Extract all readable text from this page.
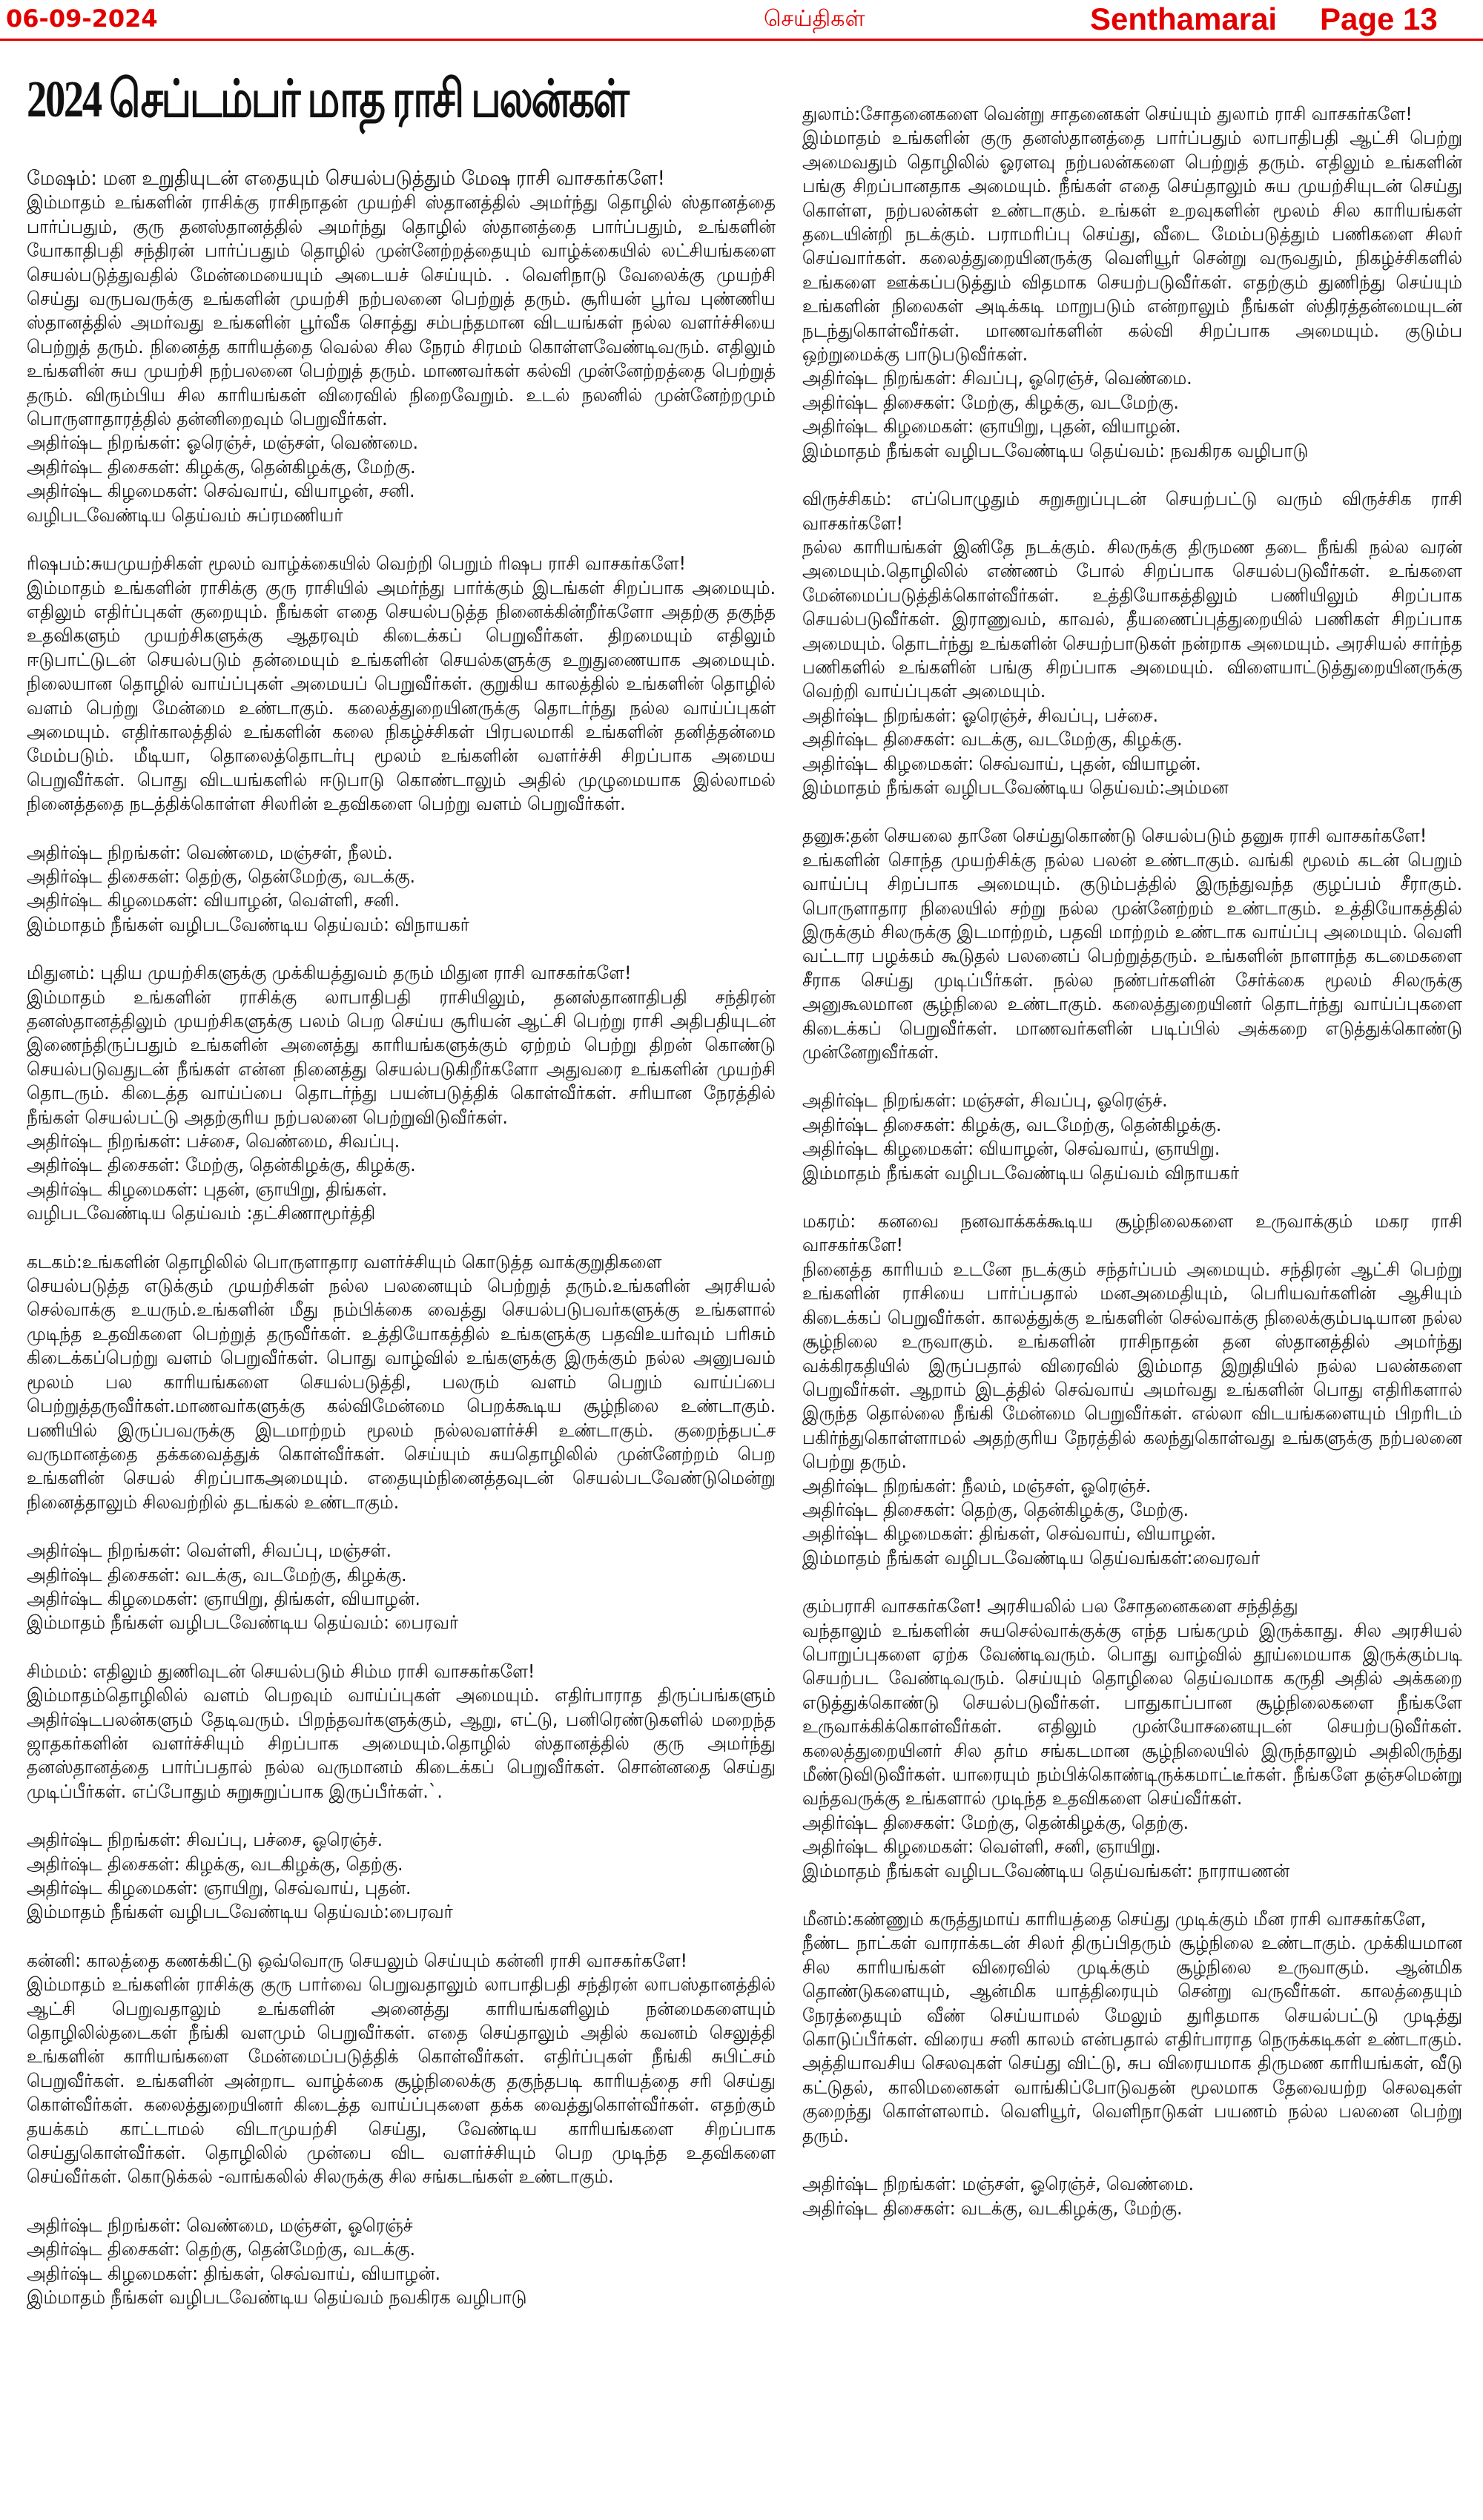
06-09-2024	செய்திகள்	Senthamarai Page 13
2024 செப்டம்பர் மாத ராசி பலன்கள்

மேஷம்: மன உறுதியுடன் எதையும் செயல்படுத்தும் மேஷ ராசி வாசகர்களே!

இம்மாதம் உங்களின் ராசிக்கு ராசிநாதன் முயற்சி ஸ்தானத்தில் அமர்ந்து தொழில் ஸ்தானத்தை பார்ப்பதும், குரு தனஸ்தானத்தில் அமர்ந்து தொழில் ஸ்தானத்தை பார்ப்பதும், உங்களின் யோகாதிபதி சந்திரன் பார்ப்பதும் தொழில் முன்னேற்றத்தையும் வாழ்க்கையில் லட்சியங்களை செயல்படுத்துவதில் மேன்மையையும் அடையச் செய்யும். . வெளிநாடு வேலைக்கு முயற்சி செய்து வருபவருக்கு உங்களின் முயற்சி நற்பலனை பெற்றுத் தரும். சூரியன் பூர்வ புண்ணிய ஸ்தானத்தில் அமர்வது உங்களின் பூர்வீக சொத்து சம்பந்தமான விடயங்கள் நல்ல வளர்ச்சியை பெற்றுத் தரும். நினைத்த காரியத்தை வெல்ல சில நேரம் சிரமம் கொள்ளவேண்டிவரும். எதிலும் உங்களின் சுய முயற்சி நற்பலனை பெற்றுத் தரும். மாணவர்கள் கல்வி முன்னேற்றத்தை பெற்றுத் தரும். விரும்பிய சில காரியங்கள் விரைவில் நிறைவேறும். உடல் நலனில் முன்னேற்றமும் பொருளாதாரத்தில் தன்னிறைவும் பெறுவீர்கள்.

அதிர்ஷ்ட நிறங்கள்: ஓரெஞ்ச், மஞ்சள், வெண்மை.

அதிர்ஷ்ட திசைகள்: கிழக்கு, தென்கிழக்கு, மேற்கு.

அதிர்ஷ்ட கிழமைகள்: செவ்வாய், வியாழன், சனி.

வழிபடவேண்டிய தெய்வம் சுப்ரமணியர்

ரிஷபம்:சுயமுயற்சிகள் மூலம் வாழ்க்கையில் வெற்றி பெறும் ரிஷப ராசி வாசகர்களே!

இம்மாதம் உங்களின் ராசிக்கு குரு ராசியில் அமர்ந்து பார்க்கும் இடங்கள் சிறப்பாக அமையும். எதிலும் எதிர்ப்புகள் குறையும். நீங்கள் எதை செயல்படுத்த நினைக்கின்றீர்களோ அதற்கு தகுந்த உதவிகளும் முயற்சிகளுக்கு ஆதரவும் கிடைக்கப் பெறுவீர்கள். திறமையும் எதிலும் ஈடுபாட்டுடன் செயல்படும் தன்மையும் உங்களின் செயல்களுக்கு உறுதுணையாக அமையும். நிலையான தொழில் வாய்ப்புகள் அமையப் பெறுவீர்கள். குறுகிய காலத்தில் உங்களின் தொழில் வளம் பெற்று மேன்மை உண்டாகும். கலைத்துறையினருக்கு தொடர்ந்து நல்ல வாய்ப்புகள் அமையும். எதிர்காலத்தில் உங்களின் கலை நிகழ்ச்சிகள் பிரபலமாகி உங்களின் தனித்தன்மை மேம்படும். மீடியா, தொலைத்தொடர்பு மூலம் உங்களின் வளர்ச்சி சிறப்பாக அமைய பெறுவீர்கள். பொது விடயங்களில் ஈடுபாடு கொண்டாலும் அதில் முழுமையாக இல்லாமல் நினைத்ததை நடத்திக்கொள்ள சிலரின் உதவிகளை பெற்று வளம் பெறுவீர்கள்.

அதிர்ஷ்ட நிறங்கள்: வெண்மை, மஞ்சள், நீலம்.

அதிர்ஷ்ட திசைகள்: தெற்கு, தென்மேற்கு, வடக்கு.

அதிர்ஷ்ட கிழமைகள்: வியாழன், வெள்ளி, சனி.

இம்மாதம் நீங்கள் வழிபடவேண்டிய தெய்வம்: விநாயகர்

மிதுனம்: புதிய முயற்சிகளுக்கு முக்கியத்துவம் தரும் மிதுன ராசி வாசகர்களே!

இம்மாதம் உங்களின் ராசிக்கு லாபாதிபதி ராசியிலும், தனஸ்தானாதிபதி சந்திரன் தனஸ்தானத்திலும் முயற்சிகளுக்கு பலம் பெற செய்ய சூரியன் ஆட்சி பெற்று ராசி அதிபதியுடன் இணைந்திருப்பதும் உங்களின் அனைத்து காரியங்களுக்கும் ஏற்றம் பெற்று திறன் கொண்டு செயல்படுவதுடன் நீங்கள் என்ன நினைத்து செயல்படுகிறீர்களோ அதுவரை உங்களின் முயற்சி தொடரும். கிடைத்த வாய்ப்பை தொடர்ந்து பயன்படுத்திக் கொள்வீர்கள். சரியான நேரத்தில் நீங்கள் செயல்பட்டு அதற்குரிய நற்பலனை பெற்றுவிடுவீர்கள்.

அதிர்ஷ்ட நிறங்கள்: பச்சை, வெண்மை, சிவப்பு.

அதிர்ஷ்ட திசைகள்: மேற்கு, தென்கிழக்கு, கிழக்கு.

அதிர்ஷ்ட கிழமைகள்: புதன், ஞாயிறு, திங்கள்.

வழிபடவேண்டிய தெய்வம் :தட்சிணாமூர்த்தி

கடகம்:உங்களின் தொழிலில் பொருளாதார வளர்ச்சியும் கொடுத்த வாக்குறுதிகளை

செயல்படுத்த எடுக்கும் முயற்சிகள் நல்ல பலனையும் பெற்றுத் தரும்.உங்களின் அரசியல் செல்வாக்கு உயரும்.உங்களின் மீது நம்பிக்கை வைத்து செயல்படுபவர்களுக்கு உங்களால் முடிந்த உதவிகளை பெற்றுத் தருவீர்கள். உத்தியோகத்தில் உங்களுக்கு பதவிஉயர்வும் பரிசும் கிடைக்கப்பெற்று வளம் பெறுவீர்கள். பொது வாழ்வில் உங்களுக்கு இருக்கும் நல்ல அனுபவம் மூலம் பல காரியங்களை செயல்படுத்தி, பலரும் வளம் பெறும் வாய்ப்பை பெற்றுத்தருவீர்கள்.மாணவர்களுக்கு கல்விமேன்மை பெறக்கூடிய சூழ்நிலை உண்டாகும். பணியில் இருப்பவருக்கு இடமாற்றம் மூலம் நல்லவளர்ச்சி உண்டாகும். குறைந்தபட்ச வருமானத்தை தக்கவைத்துக் கொள்வீர்கள். செய்யும் சுயதொழிலில் முன்னேற்றம் பெற உங்களின் செயல் சிறப்பாகஅமையும். எதையும்நினைத்தவுடன் செயல்படவேண்டுமென்று நினைத்தாலும் சிலவற்றில் தடங்கல் உண்டாகும்.

அதிர்ஷ்ட நிறங்கள்: வெள்ளி, சிவப்பு, மஞ்சள்.

அதிர்ஷ்ட திசைகள்: வடக்கு, வடமேற்கு, கிழக்கு.

அதிர்ஷ்ட கிழமைகள்: ஞாயிறு, திங்கள், வியாழன்.

இம்மாதம் நீங்கள் வழிபடவேண்டிய தெய்வம்: பைரவர்

சிம்மம்: எதிலும் துணிவுடன் செயல்படும் சிம்ம ராசி வாசகர்களே!

இம்மாதம்தொழிலில் வளம் பெறவும் வாய்ப்புகள் அமையும். எதிர்பாராத திருப்பங்களும் அதிர்ஷ்டபலன்களும் தேடிவரும். பிறந்தவர்களுக்கும், ஆறு, எட்டு, பனிரெண்டுகளில் மறைந்த ஜாதகர்களின் வளர்ச்சியும் சிறப்பாக அமையும்.தொழில் ஸ்தானத்தில் குரு அமர்ந்து தனஸ்தானத்தை பார்ப்பதால் நல்ல வருமானம் கிடைக்கப் பெறுவீர்கள். சொன்னதை செய்து முடிப்பீர்கள். எப்போதும் சுறுசுறுப்பாக இருப்பீர்கள்.`.

அதிர்ஷ்ட நிறங்கள்: சிவப்பு, பச்சை, ஓரெஞ்ச்.

அதிர்ஷ்ட திசைகள்: கிழக்கு, வடகிழக்கு, தெற்கு.

அதிர்ஷ்ட கிழமைகள்: ஞாயிறு, செவ்வாய், புதன்.

இம்மாதம் நீங்கள் வழிபடவேண்டிய தெய்வம்:பைரவர்

கன்னி: காலத்தை கணக்கிட்டு ஒவ்வொரு செயலும் செய்யும் கன்னி ராசி வாசகர்களே!

இம்மாதம் உங்களின் ராசிக்கு குரு பார்வை பெறுவதாலும் லாபாதிபதி சந்திரன் லாபஸ்தானத்தில் ஆட்சி பெறுவதாலும் உங்களின் அனைத்து காரியங்களிலும் நன்மைகளையும் தொழிலில்தடைகள் நீங்கி வளமும் பெறுவீர்கள். எதை செய்தாலும் அதில் கவனம் செலுத்தி உங்களின் காரியங்களை மேன்மைப்படுத்திக் கொள்வீர்கள். எதிர்ப்புகள் நீங்கி சுபிட்சம் பெறுவீர்கள். உங்களின் அன்றாட வாழ்க்கை சூழ்நிலைக்கு தகுந்தபடி காரியத்தை சரி செய்து கொள்வீர்கள். கலைத்துறையினர் கிடைத்த வாய்ப்புகளை தக்க வைத்துகொள்வீர்கள். எதற்கும் தயக்கம் காட்டாமல் விடாமுயற்சி செய்து, வேண்டிய காரியங்களை சிறப்பாக செய்துகொள்வீர்கள். தொழிலில் முன்பை விட வளர்ச்சியும் பெற முடிந்த உதவிகளை செய்வீர்கள். கொடுக்கல் -வாங்கலில் சிலருக்கு சில சங்கடங்கள் உண்டாகும்.

அதிர்ஷ்ட நிறங்கள்: வெண்மை, மஞ்சள், ஓரெஞ்ச்

அதிர்ஷ்ட திசைகள்: தெற்கு, தென்மேற்கு, வடக்கு.

அதிர்ஷ்ட கிழமைகள்: திங்கள், செவ்வாய், வியாழன்.

இம்மாதம் நீங்கள் வழிபடவேண்டிய தெய்வம் நவகிரக வழிபாடு

துலாம்:சோதனைகளை வென்று சாதனைகள் செய்யும் துலாம் ராசி வாசகர்களே!

இம்மாதம் உங்களின் குரு தனஸ்தானத்தை பார்ப்பதும் லாபாதிபதி ஆட்சி பெற்று அமைவதும் தொழிலில் ஓரளவு நற்பலன்களை பெற்றுத் தரும். எதிலும் உங்களின் பங்கு சிறப்பானதாக அமையும். நீங்கள் எதை செய்தாலும் சுய முயற்சியுடன் செய்து கொள்ள, நற்பலன்கள் உண்டாகும். உங்கள் உறவுகளின் மூலம் சில காரியங்கள் தடையின்றி நடக்கும். பராமரிப்பு செய்து, வீடை மேம்படுத்தும் பணிகளை சிலர் செய்வார்கள். கலைத்துறையினருக்கு வெளியூர் சென்று வருவதும், நிகழ்ச்சிகளில் உங்களை ஊக்கப்படுத்தும் விதமாக செயற்படுவீர்கள். எதற்கும் துணிந்து செய்யும் உங்களின் நிலைகள் அடிக்கடி மாறுபடும் என்றாலும் நீங்கள் ஸ்திரத்தன்மையுடன் நடந்துகொள்வீர்கள். மாணவர்களின் கல்வி சிறப்பாக அமையும். குடும்ப ஒற்றுமைக்கு பாடுபடுவீர்கள்.

அதிர்ஷ்ட நிறங்கள்: சிவப்பு, ஓரெஞ்ச், வெண்மை.

அதிர்ஷ்ட திசைகள்: மேற்கு, கிழக்கு, வடமேற்கு.

அதிர்ஷ்ட கிழமைகள்: ஞாயிறு, புதன், வியாழன்.

இம்மாதம் நீங்கள் வழிபடவேண்டிய தெய்வம்: நவகிரக வழிபாடு

விருச்சிகம்: எப்பொழுதும் சுறுசுறுப்புடன் செயற்பட்டு வரும் விருச்சிக ராசி வாசகர்களே!

நல்ல காரியங்கள் இனிதே நடக்கும். சிலருக்கு திருமண தடை நீங்கி நல்ல வரன் அமையும்.தொழிலில் எண்ணம் போல் சிறப்பாக செயல்படுவீர்கள். உங்களை மேன்மைப்படுத்திக்கொள்வீர்கள். உத்தியோகத்திலும் பணியிலும் சிறப்பாக செயல்படுவீர்கள். இராணுவம், காவல், தீயணைப்புத்துறையில் பணிகள் சிறப்பாக அமையும். தொடர்ந்து உங்களின் செயற்பாடுகள் நன்றாக அமையும். அரசியல் சார்ந்த பணிகளில் உங்களின் பங்கு சிறப்பாக அமையும். விளையாட்டுத்துறையினருக்கு வெற்றி வாய்ப்புகள் அமையும்.

அதிர்ஷ்ட நிறங்கள்: ஓரெஞ்ச், சிவப்பு, பச்சை.

அதிர்ஷ்ட திசைகள்: வடக்கு, வடமேற்கு, கிழக்கு.

அதிர்ஷ்ட கிழமைகள்: செவ்வாய், புதன், வியாழன்.

இம்மாதம் நீங்கள் வழிபடவேண்டிய தெய்வம்:அம்மன

தனுசு:தன் செயலை தானே செய்துகொண்டு செயல்படும் தனுசு ராசி வாசகர்களே!

உங்களின் சொந்த முயற்சிக்கு நல்ல பலன் உண்டாகும். வங்கி மூலம் கடன் பெறும் வாய்ப்பு சிறப்பாக அமையும். குடும்பத்தில் இருந்துவந்த குழப்பம் சீராகும். பொருளாதார நிலையில் சற்று நல்ல முன்னேற்றம் உண்டாகும். உத்தியோகத்தில் இருக்கும் சிலருக்கு இடமாற்றம், பதவி மாற்றம் உண்டாக வாய்ப்பு அமையும். வெளி வட்டார பழக்கம் கூடுதல் பலனைப் பெற்றுத்தரும். உங்களின் நாளாந்த கடமைகளை சீராக செய்து முடிப்பீர்கள். நல்ல நண்பர்களின் சேர்க்கை மூலம் சிலருக்கு அனுகூலமான சூழ்நிலை உண்டாகும். கலைத்துறையினர் தொடர்ந்து வாய்ப்புகளை கிடைக்கப் பெறுவீர்கள். மாணவர்களின் படிப்பில் அக்கறை எடுத்துக்கொண்டு முன்னேறுவீர்கள்.

அதிர்ஷ்ட நிறங்கள்: மஞ்சள், சிவப்பு, ஓரெஞ்ச்.

அதிர்ஷ்ட திசைகள்: கிழக்கு, வடமேற்கு, தென்கிழக்கு.

அதிர்ஷ்ட கிழமைகள்: வியாழன், செவ்வாய், ஞாயிறு.

இம்மாதம் நீங்கள் வழிபடவேண்டிய தெய்வம் விநாயகர்

மகரம்: கனவை நனவாக்கக்கூடிய சூழ்நிலைகளை உருவாக்கும் மகர ராசி வாசகர்களே!

நினைத்த காரியம் உடனே நடக்கும் சந்தர்ப்பம் அமையும். சந்திரன் ஆட்சி பெற்று உங்களின் ராசியை பார்ப்பதால் மனஅமைதியும், பெரியவர்களின் ஆசியும் கிடைக்கப் பெறுவீர்கள். காலத்துக்கு உங்களின் செல்வாக்கு நிலைக்கும்படியான நல்ல சூழ்நிலை உருவாகும். உங்களின் ராசிநாதன் தன ஸ்தானத்தில் அமர்ந்து வக்கிரகதியில் இருப்பதால் விரைவில் இம்மாத இறுதியில் நல்ல பலன்களை பெறுவீர்கள். ஆறாம் இடத்தில் செவ்வாய் அமர்வது உங்களின் பொது எதிரிகளால் இருந்த தொல்லை நீங்கி மேன்மை பெறுவீர்கள். எல்லா விடயங்களையும் பிறரிடம் பகிர்ந்துகொள்ளாமல் அதற்குரிய நேரத்தில் கலந்துகொள்வது உங்களுக்கு நற்பலனை பெற்று தரும்.

அதிர்ஷ்ட நிறங்கள்: நீலம், மஞ்சள், ஓரெஞ்ச்.

அதிர்ஷ்ட திசைகள்: தெற்கு, தென்கிழக்கு, மேற்கு.

அதிர்ஷ்ட கிழமைகள்: திங்கள், செவ்வாய், வியாழன்.

இம்மாதம் நீங்கள் வழிபடவேண்டிய தெய்வங்கள்:வைரவர்

கும்பராசி வாசகர்களே! அரசியலில் பல சோதனைகளை சந்தித்து

வந்தாலும் உங்களின் சுயசெல்வாக்குக்கு எந்த பங்கமும் இருக்காது. சில அரசியல் பொறுப்புகளை ஏற்க வேண்டிவரும். பொது வாழ்வில் தூய்மையாக இருக்கும்படி செயற்பட வேண்டிவரும். செய்யும் தொழிலை தெய்வமாக கருதி அதில் அக்கறை எடுத்துக்கொண்டு செயல்படுவீர்கள். பாதுகாப்பான சூழ்நிலைகளை நீங்களே உருவாக்கிக்கொள்வீர்கள். எதிலும் முன்யோசனையுடன் செயற்படுவீர்கள். கலைத்துறையினர் சில தர்ம சங்கடமான சூழ்நிலையில் இருந்தாலும் அதிலிருந்து மீண்டுவிடுவீர்கள். யாரையும் நம்பிக்கொண்டிருக்கமாட்டீர்கள். நீங்களே தஞ்சமென்று வந்தவருக்கு உங்களால் முடிந்த உதவிகளை செய்வீர்கள்.

அதிர்ஷ்ட திசைகள்: மேற்கு, தென்கிழக்கு, தெற்கு.

அதிர்ஷ்ட கிழமைகள்: வெள்ளி, சனி, ஞாயிறு.

இம்மாதம் நீங்கள் வழிபடவேண்டிய தெய்வங்கள்: நாராயணன்

மீனம்:கண்ணும் கருத்துமாய் காரியத்தை செய்து முடிக்கும் மீன ராசி வாசகர்களே,

நீண்ட நாட்கள் வாராக்கடன் சிலர் திருப்பிதரும் சூழ்நிலை உண்டாகும். முக்கியமான சில காரியங்கள் விரைவில் முடிக்கும் சூழ்நிலை உருவாகும். ஆன்மிக தொண்டுகளையும், ஆன்மிக யாத்திரையும் சென்று வருவீர்கள். காலத்தையும் நேரத்தையும் வீண் செய்யாமல் மேலும் துரிதமாக செயல்பட்டு முடித்து கொடுப்பீர்கள். விரைய சனி காலம் என்பதால் எதிர்பாராத நெருக்கடிகள் உண்டாகும். அத்தியாவசிய செலவுகள் செய்து விட்டு, சுப விரையமாக திருமண காரியங்கள், வீடு கட்டுதல், காலிமனைகள் வாங்கிப்போடுவதன் மூலமாக தேவையற்ற செலவுகள் குறைந்து கொள்ளலாம். வெளியூர், வெளிநாடுகள் பயணம் நல்ல பலனை பெற்று தரும்.

அதிர்ஷ்ட நிறங்கள்: மஞ்சள், ஓரெஞ்ச், வெண்மை.

அதிர்ஷ்ட திசைகள்: வடக்கு, வடகிழக்கு, மேற்கு.
